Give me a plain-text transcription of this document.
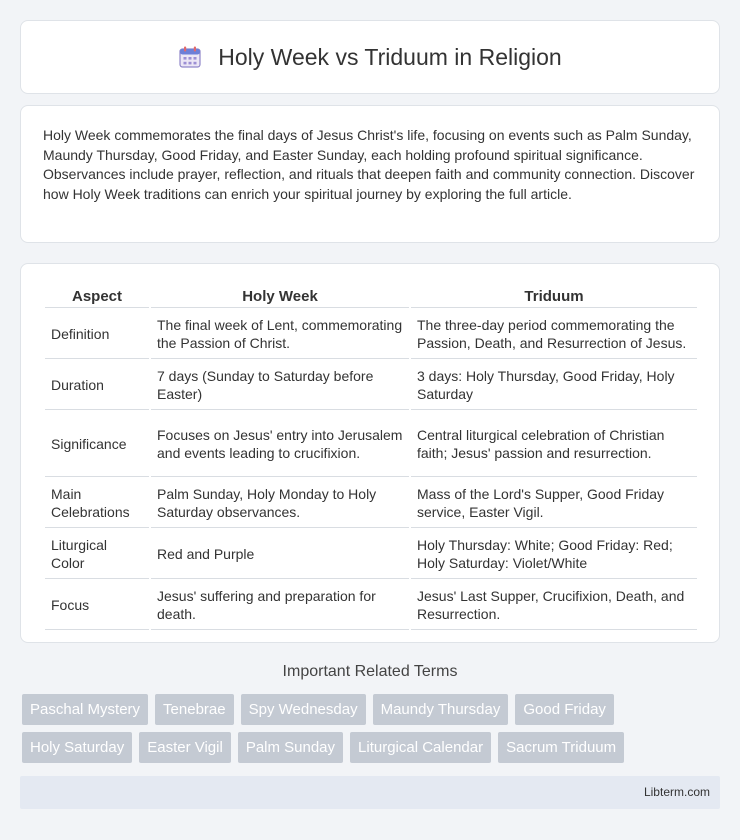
Holy Week vs Triduum in Religion

Holy Week commemorates the final days of Jesus Christ's life, focusing on events such as Palm Sunday, Maundy Thursday, Good Friday, and Easter Sunday, each holding profound spiritual significance. Observances include prayer, reflection, and rituals that deepen faith and community connection. Discover how Holy Week traditions can enrich your spiritual journey by exploring the full article.

Aspect	Holy Week	Triduum
Definition	The final week of Lent, commemorating the Passion of Christ.	The three-day period commemorating the Passion, Death, and Resurrection of Jesus.
Duration	7 days (Sunday to Saturday before Easter)	3 days: Holy Thursday, Good Friday, Holy Saturday
Significance	Focuses on Jesus' entry into Jerusalem and events leading to crucifixion.	Central liturgical celebration of Christian faith; Jesus' passion and resurrection.
Main Celebrations	Palm Sunday, Holy Monday to Holy Saturday observances.	Mass of the Lord's Supper, Good Friday service, Easter Vigil.
Liturgical Color	Red and Purple	Holy Thursday: White; Good Friday: Red; Holy Saturday: Violet/White
Focus	Jesus' suffering and preparation for death.	Jesus' Last Supper, Crucifixion, Death, and Resurrection.
Important Related Terms
Paschal Mystery	Tenebrae	Spy Wednesday	Maundy Thursday	Good Friday
Holy Saturday	Easter Vigil	Palm Sunday	Liturgical Calendar	Sacrum Triduum
Libterm.com
